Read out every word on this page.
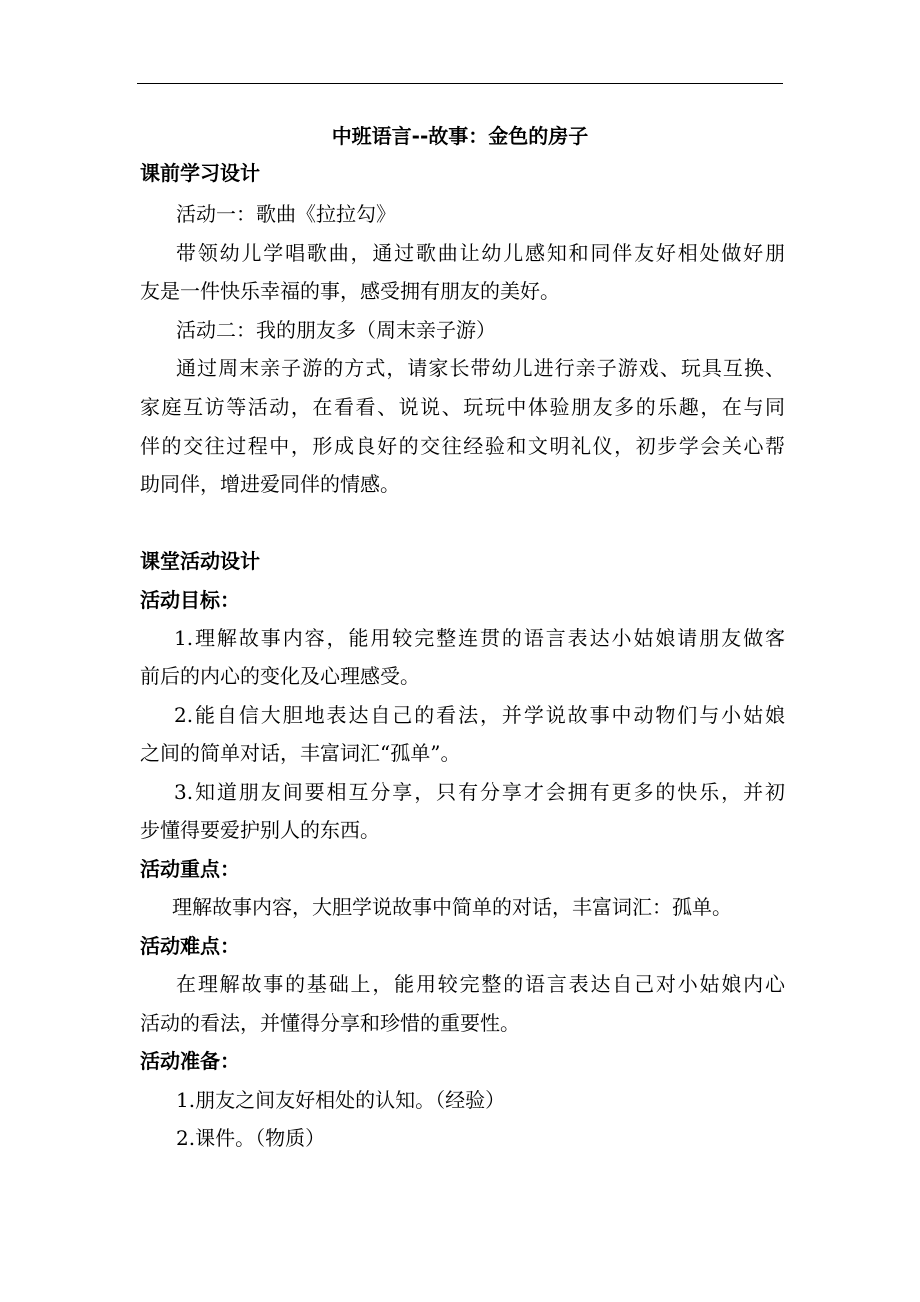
中班语言--故事：金色的房子
课前学习设计
活动一：歌曲《拉拉勾》
带领幼儿学唱歌曲，通过歌曲让幼儿感知和同伴友好相处做好朋
友是一件快乐幸福的事，感受拥有朋友的美好。
活动二：我的朋友多（周末亲子游）
通过周末亲子游的方式，请家长带幼儿进行亲子游戏、玩具互换、
家庭互访等活动，在看看、说说、玩玩中体验朋友多的乐趣，在与同
伴的交往过程中，形成良好的交往经验和文明礼仪，初步学会关心帮
助同伴，增进爱同伴的情感。
课堂活动设计
活动目标：
1.理解故事内容，能用较完整连贯的语言表达小姑娘请朋友做客
前后的内心的变化及心理感受。
2.能自信大胆地表达自己的看法，并学说故事中动物们与小姑娘
之间的简单对话，丰富词汇“孤单”。
3.知道朋友间要相互分享，只有分享才会拥有更多的快乐，并初
步懂得要爱护别人的东西。
活动重点：
理解故事内容，大胆学说故事中简单的对话，丰富词汇：孤单。
活动难点：
在理解故事的基础上，能用较完整的语言表达自己对小姑娘内心
活动的看法，并懂得分享和珍惜的重要性。
活动准备：
1.朋友之间友好相处的认知。（经验）
2.课件。（物质）
